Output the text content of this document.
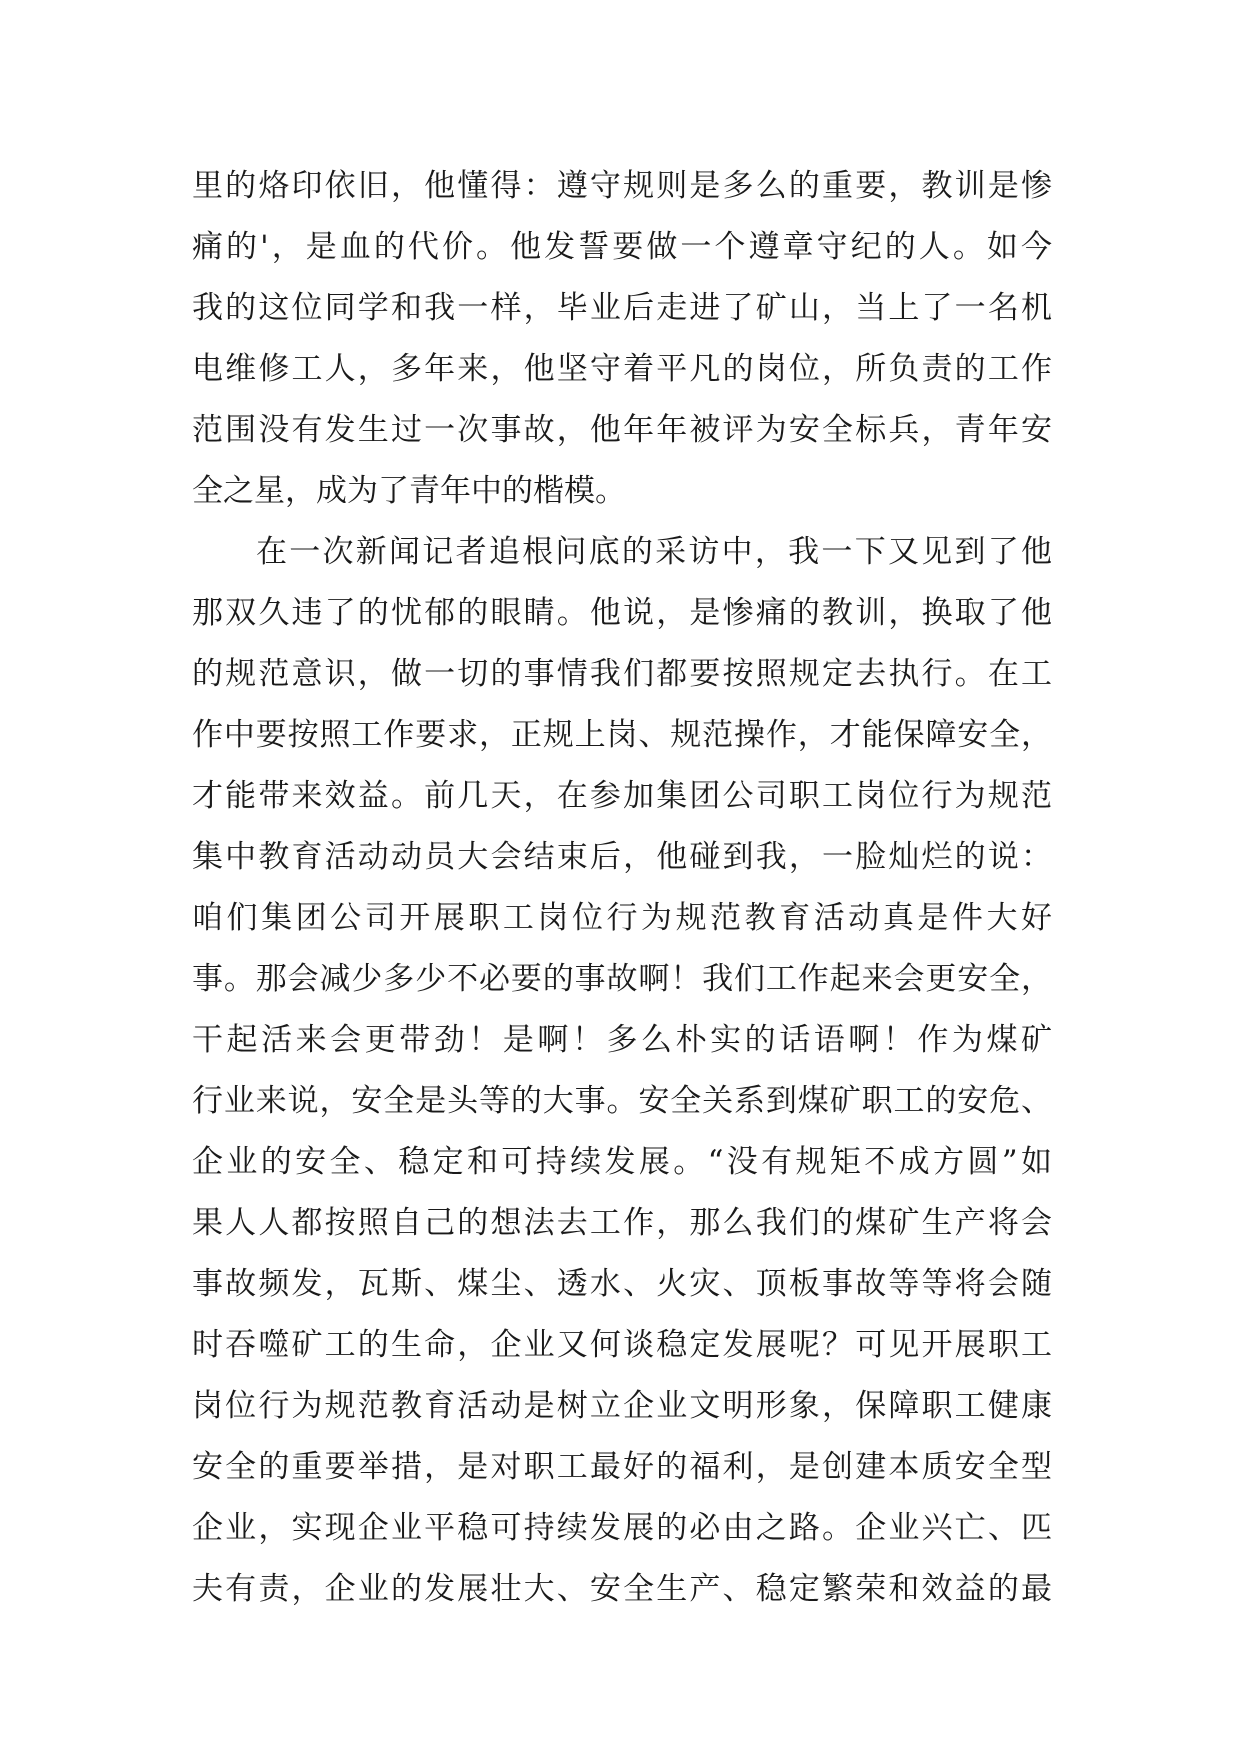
里的烙印依旧，他懂得：遵守规则是多么的重要，教训是惨
痛的'，是血的代价。他发誓要做一个遵章守纪的人。如今
我的这位同学和我一样，毕业后走进了矿山，当上了一名机
电维修工人，多年来，他坚守着平凡的岗位，所负责的工作
范围没有发生过一次事故，他年年被评为安全标兵，青年安
全之星，成为了青年中的楷模。
在一次新闻记者追根问底的采访中，我一下又见到了他
那双久违了的忧郁的眼睛。他说，是惨痛的教训，换取了他
的规范意识，做一切的事情我们都要按照规定去执行。在工
作中要按照工作要求，正规上岗、规范操作，才能保障安全，
才能带来效益。前几天，在参加集团公司职工岗位行为规范
集中教育活动动员大会结束后，他碰到我，一脸灿烂的说：
咱们集团公司开展职工岗位行为规范教育活动真是件大好
事。那会减少多少不必要的事故啊！我们工作起来会更安全，
干起活来会更带劲！是啊！多么朴实的话语啊！作为煤矿
行业来说，安全是头等的大事。安全关系到煤矿职工的安危、
企业的安全、稳定和可持续发展。“没有规矩不成方圆”如
果人人都按照自己的想法去工作，那么我们的煤矿生产将会
事故频发，瓦斯、煤尘、透水、火灾、顶板事故等等将会随
时吞噬矿工的生命，企业又何谈稳定发展呢？可见开展职工
岗位行为规范教育活动是树立企业文明形象，保障职工健康
安全的重要举措，是对职工最好的福利，是创建本质安全型
企业，实现企业平稳可持续发展的必由之路。企业兴亡、匹
夫有责，企业的发展壮大、安全生产、稳定繁荣和效益的最
